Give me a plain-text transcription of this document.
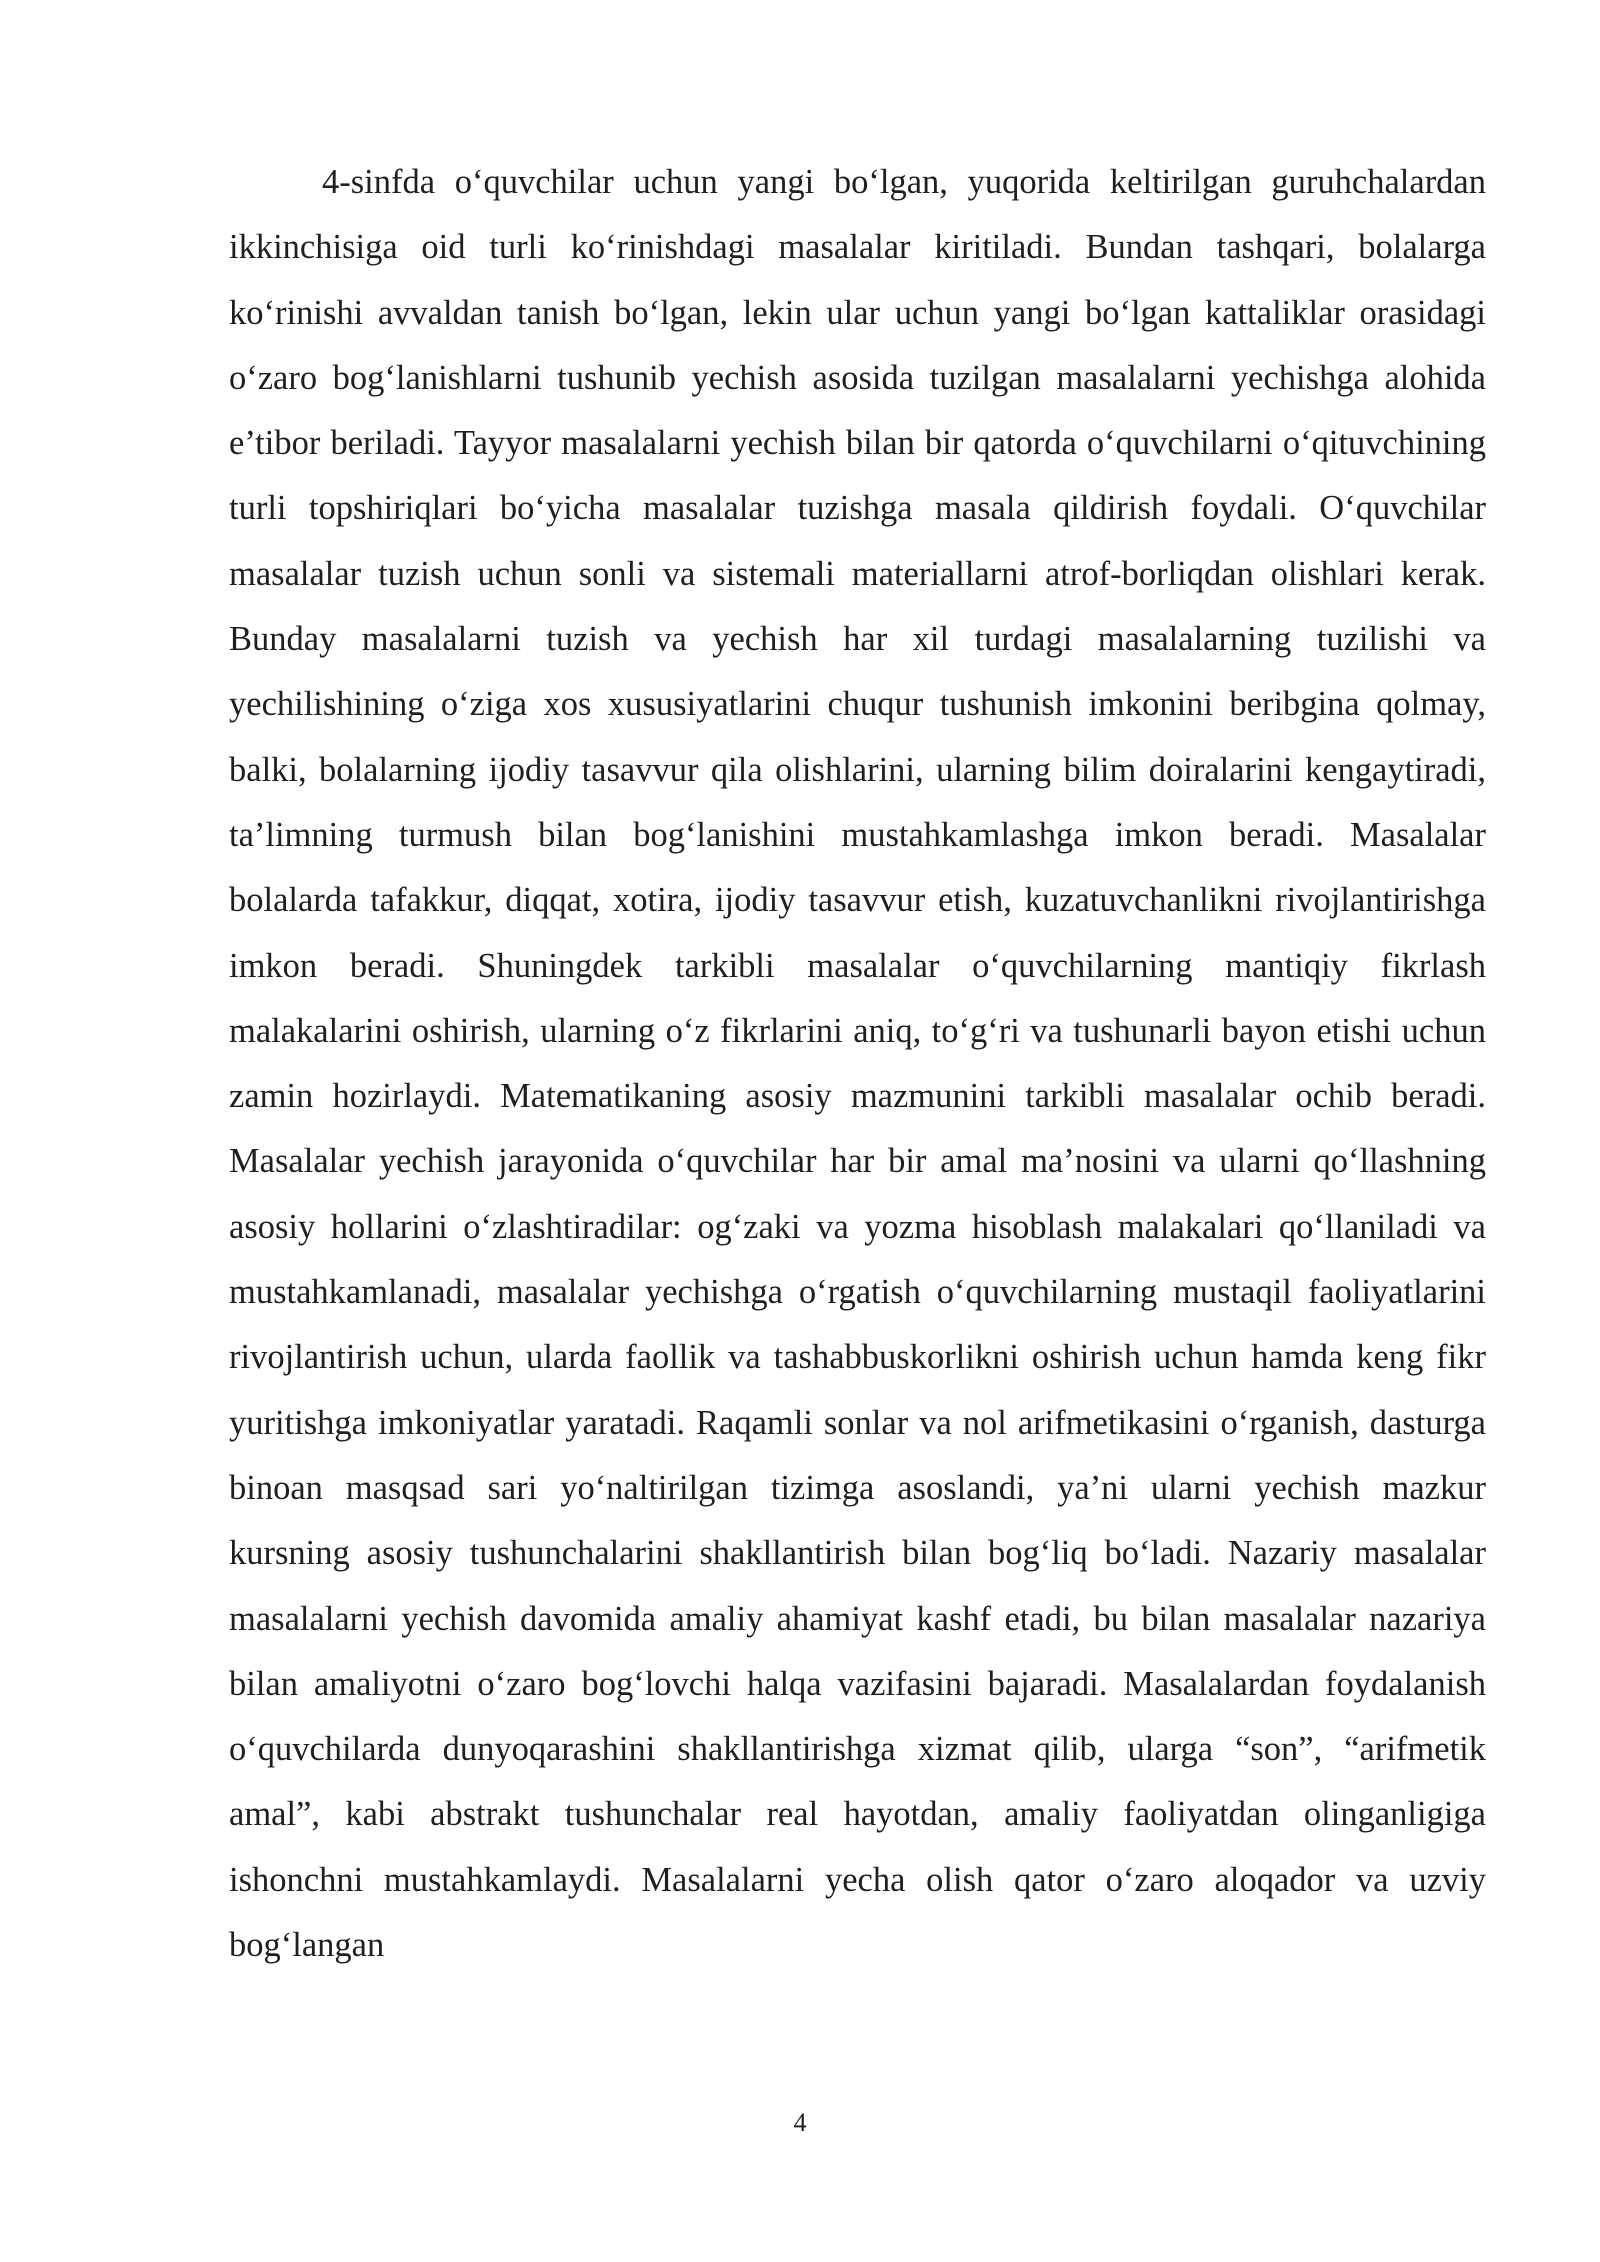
4-sinfda o‘quvchilar uchun yangi bo‘lgan, yuqorida keltirilgan guruhchalardan ikkinchisiga oid turli ko‘rinishdagi masalalar kiritiladi. Bundan tashqari, bolalarga ko‘rinishi avvaldan tanish bo‘lgan, lekin ular uchun yangi bo‘lgan kattaliklar orasidagi o‘zaro bog‘lanishlarni tushunib yechish asosida tuzilgan masalalarni yechishga alohida e’tibor beriladi. Tayyor masalalarni yechish bilan bir qatorda o‘quvchilarni o‘qituvchining turli topshiriqlari bo‘yicha masalalar tuzishga masala qildirish foydali. O‘quvchilar masalalar tuzish uchun sonli va sistemali materiallarni atrof-borliqdan olishlari kerak. Bunday masalalarni tuzish va yechish har xil turdagi masalalarning tuzilishi va yechilishining o‘ziga xos xususiyatlarini chuqur tushunish imkonini beribgina qolmay, balki, bolalarning ijodiy tasavvur qila olishlarini, ularning bilim doiralarini kengaytiradi, ta’limning turmush bilan bog‘lanishini mustahkamlashga imkon beradi. Masalalar bolalarda tafakkur, diqqat, xotira, ijodiy tasavvur etish, kuzatuvchanlikni rivojlantirishga imkon beradi. Shuningdek tarkibli masalalar o‘quvchilarning mantiqiy fikrlash malakalarini oshirish, ularning o‘z fikrlarini aniq, to‘g‘ri va tushunarli bayon etishi uchun zamin hozirlaydi. Matematikaning asosiy mazmunini tarkibli masalalar ochib beradi. Masalalar yechish jarayonida o‘quvchilar har bir amal ma’nosini va ularni qo‘llashning asosiy hollarini o‘zlashtiradilar: og‘zaki va yozma hisoblash malakalari qo‘llaniladi va mustahkamlanadi, masalalar yechishga o‘rgatish o‘quvchilarning mustaqil faoliyatlarini rivojlantirish uchun, ularda faollik va tashabbuskorlikni oshirish uchun hamda keng fikr yuritishga imkoniyatlar yaratadi. Raqamli sonlar va nol arifmetikasini o‘rganish, dasturga binoan masqsad sari yo‘naltirilgan tizimga asoslandi, ya’ni ularni yechish mazkur kursning asosiy tushunchalarini shakllantirish bilan bog‘liq bo‘ladi. Nazariy masalalar masalalarni yechish davomida amaliy ahamiyat kashf etadi, bu bilan masalalar nazariya bilan amaliyotni o‘zaro bog‘lovchi halqa vazifasini bajaradi. Masalalardan foydalanish o‘quvchilarda dunyoqarashini shakllantirishga xizmat qilib, ularga “son”, “arifmetik amal”, kabi abstrakt tushunchalar real hayotdan, amaliy faoliyatdan olinganligiga ishonchni mustahkamlaydi. Masalalarni yecha olish qator o‘zaro aloqador va uzviy bog‘langan

4
